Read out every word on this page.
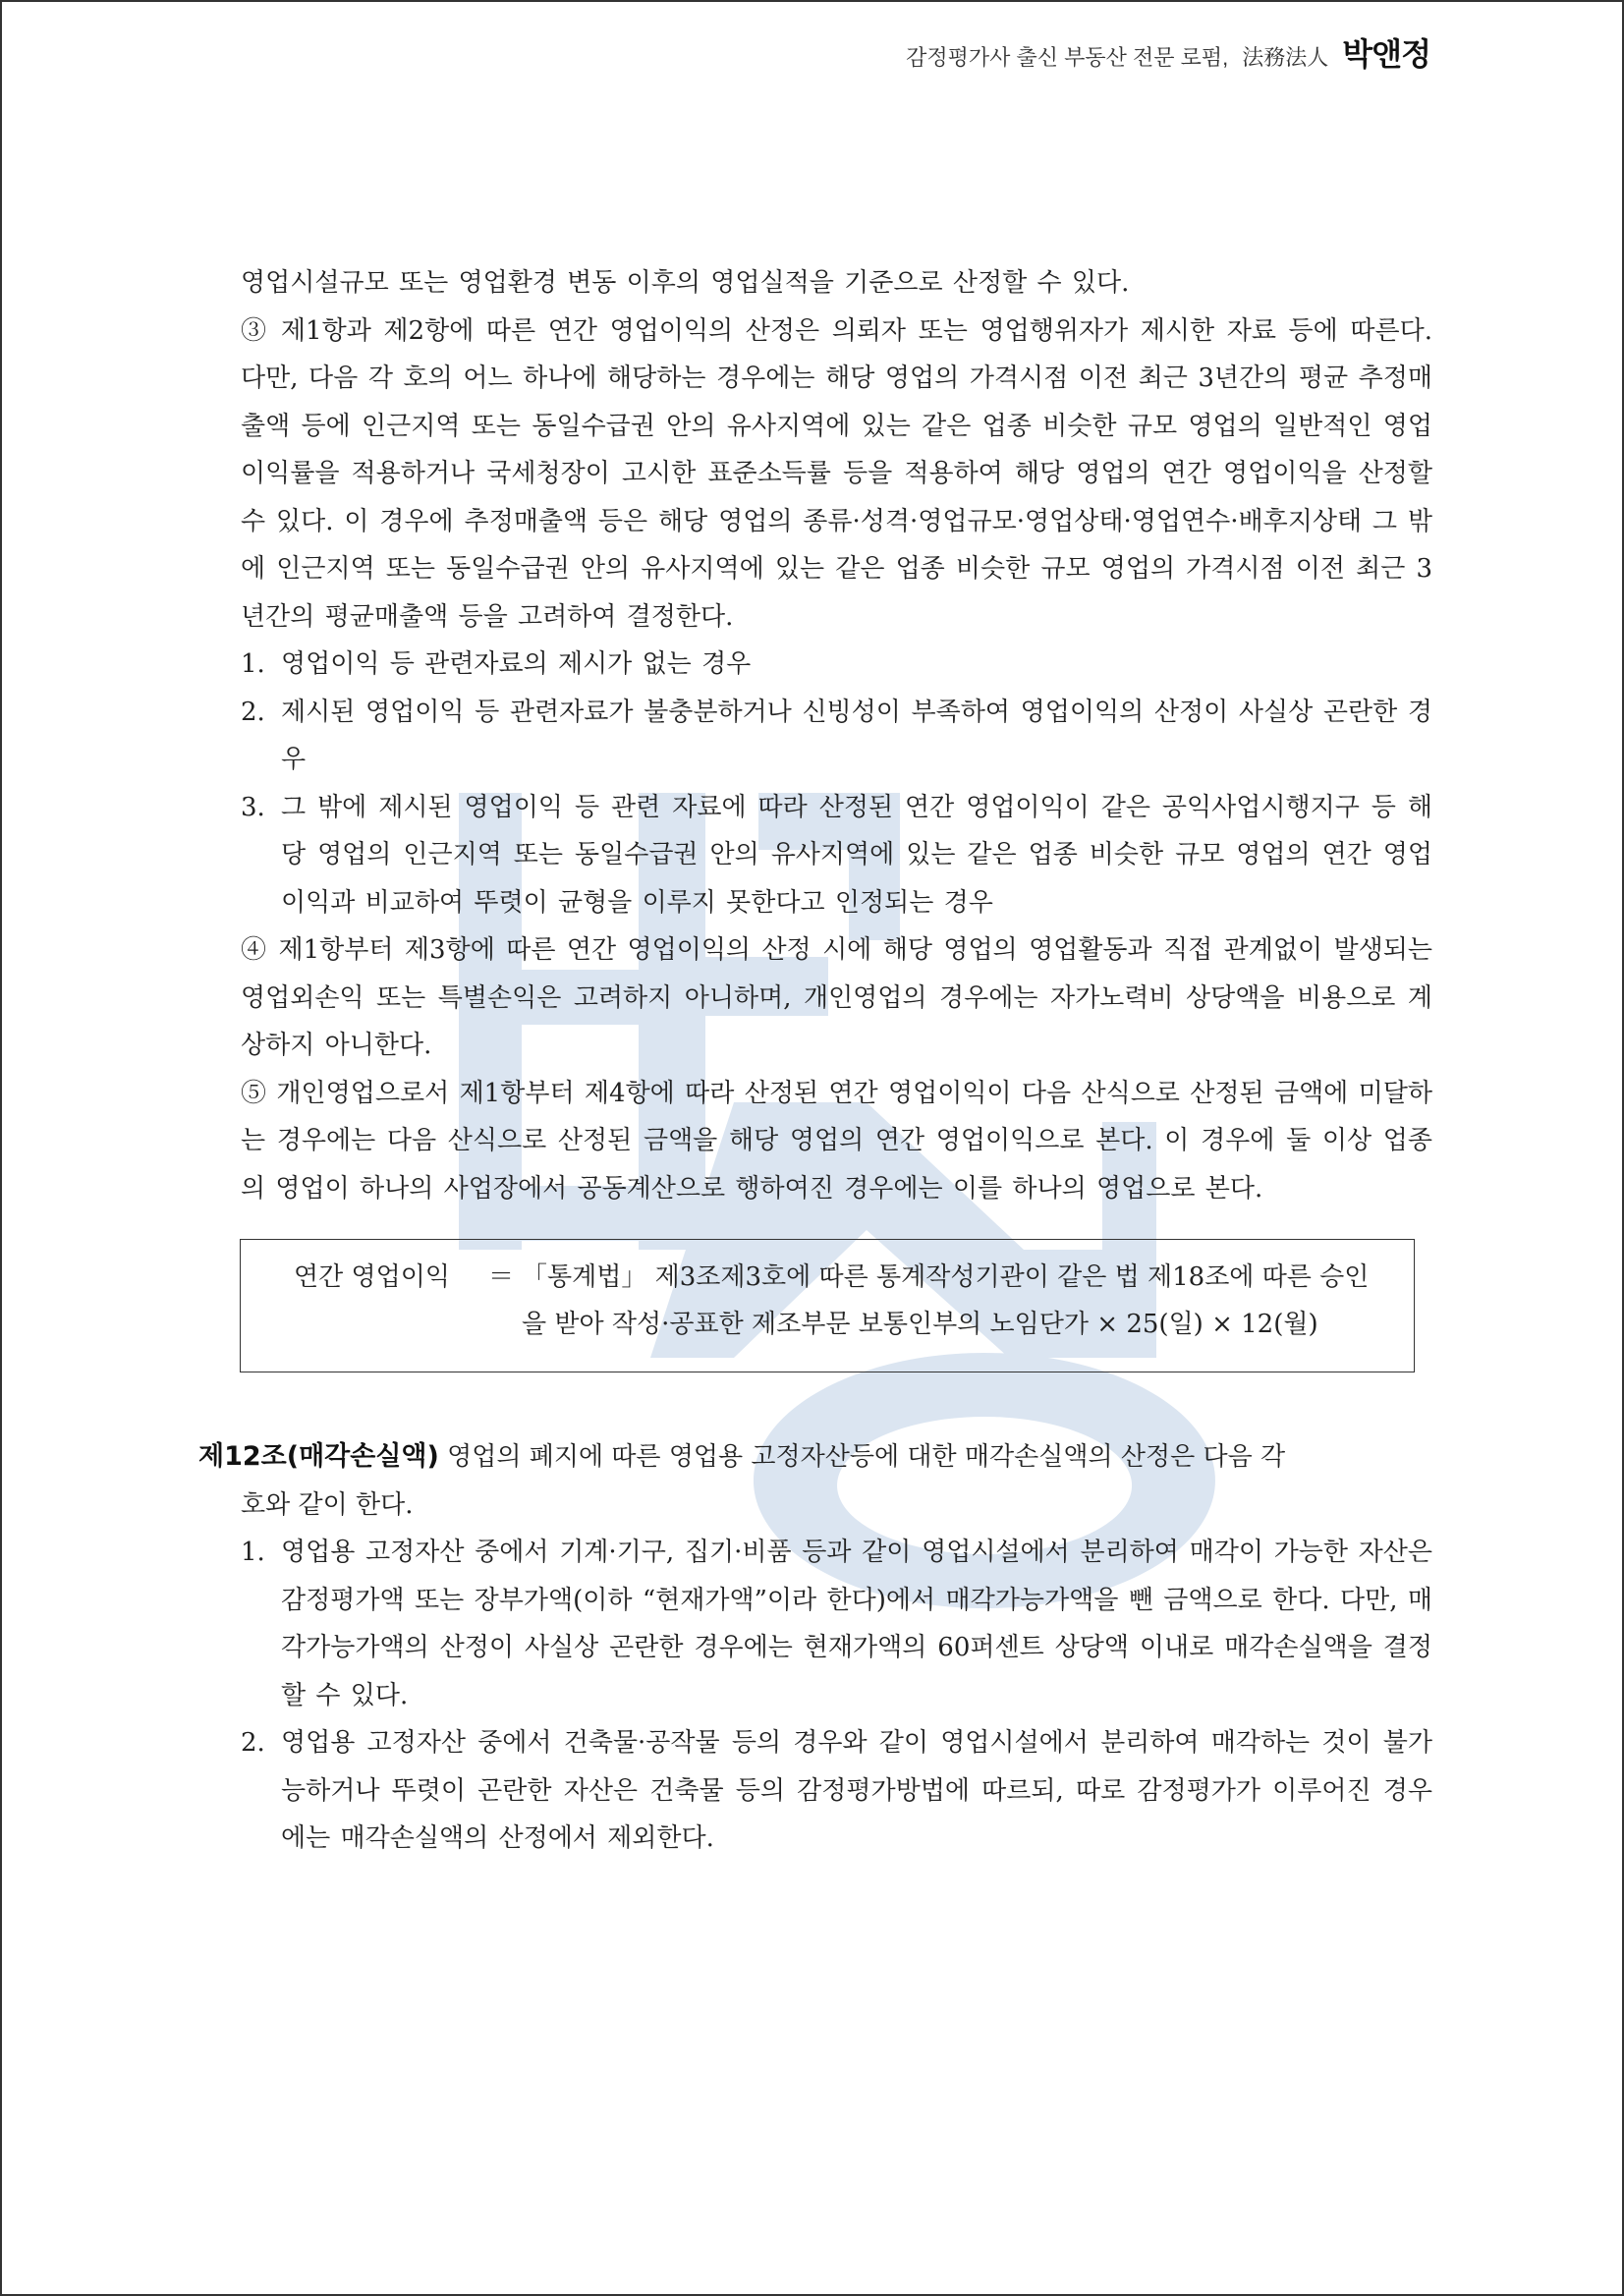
감정평가사 출신 부동산 전문 로펌, 法務法人 박앤정

영업시설규모 또는 영업환경 변동 이후의 영업실적을 기준으로 산정할 수 있다.

③ 제1항과 제2항에 따른 연간 영업이익의 산정은 의뢰자 또는 영업행위자가 제시한 자료 등에 따른다. 다만, 다음 각 호의 어느 하나에 해당하는 경우에는 해당 영업의 가격시점 이전 최근 3년간의 평균 추정매출액 등에 인근지역 또는 동일수급권 안의 유사지역에 있는 같은 업종 비슷한 규모 영업의 일반적인 영업이익률을 적용하거나 국세청장이 고시한 표준소득률 등을 적용하여 해당 영업의 연간 영업이익을 산정할 수 있다. 이 경우에 추정매출액 등은 해당 영업의 종류·성격·영업규모·영업상태·영업연수·배후지상태 그 밖에 인근지역 또는 동일수급권 안의 유사지역에 있는 같은 업종 비슷한 규모 영업의 가격시점 이전 최근 3년간의 평균매출액 등을 고려하여 결정한다.

1. 영업이익 등 관련자료의 제시가 없는 경우
2. 제시된 영업이익 등 관련자료가 불충분하거나 신빙성이 부족하여 영업이익의 산정이 사실상 곤란한 경우
3. 그 밖에 제시된 영업이익 등 관련 자료에 따라 산정된 연간 영업이익이 같은 공익사업시행지구 등 해당 영업의 인근지역 또는 동일수급권 안의 유사지역에 있는 같은 업종 비슷한 규모 영업의 연간 영업이익과 비교하여 뚜렷이 균형을 이루지 못한다고 인정되는 경우

④ 제1항부터 제3항에 따른 연간 영업이익의 산정 시에 해당 영업의 영업활동과 직접 관계없이 발생되는 영업외손익 또는 특별손익은 고려하지 아니하며, 개인영업의 경우에는 자가노력비 상당액을 비용으로 계상하지 아니한다.

⑤ 개인영업으로서 제1항부터 제4항에 따라 산정된 연간 영업이익이 다음 산식으로 산정된 금액에 미달하는 경우에는 다음 산식으로 산정된 금액을 해당 영업의 연간 영업이익으로 본다. 이 경우에 둘 이상 업종의 영업이 하나의 사업장에서 공동계산으로 행하여진 경우에는 이를 하나의 영업으로 본다.

연간 영업이익	＝ 「통계법」 제3조제3호에 따른 통계작성기관이 같은 법 제18조에 따른 승인
을 받아 작성·공표한 제조부문 보통인부의 노임단가 × 25(일) × 12(월)
제12조(매각손실액) 영업의 폐지에 따른 영업용 고정자산등에 대한 매각손실액의 산정은 다음 각
호와 같이 한다.
1. 영업용 고정자산 중에서 기계·기구, 집기·비품 등과 같이 영업시설에서 분리하여 매각이 가능한 자산은 감정평가액 또는 장부가액(이하 “현재가액”이라 한다)에서 매각가능가액을 뺀 금액으로 한다. 다만, 매각가능가액의 산정이 사실상 곤란한 경우에는 현재가액의 60퍼센트 상당액 이내로 매각손실액을 결정할 수 있다.
2. 영업용 고정자산 중에서 건축물·공작물 등의 경우와 같이 영업시설에서 분리하여 매각하는 것이 불가능하거나 뚜렷이 곤란한 자산은 건축물 등의 감정평가방법에 따르되, 따로 감정평가가 이루어진 경우에는 매각손실액의 산정에서 제외한다.
